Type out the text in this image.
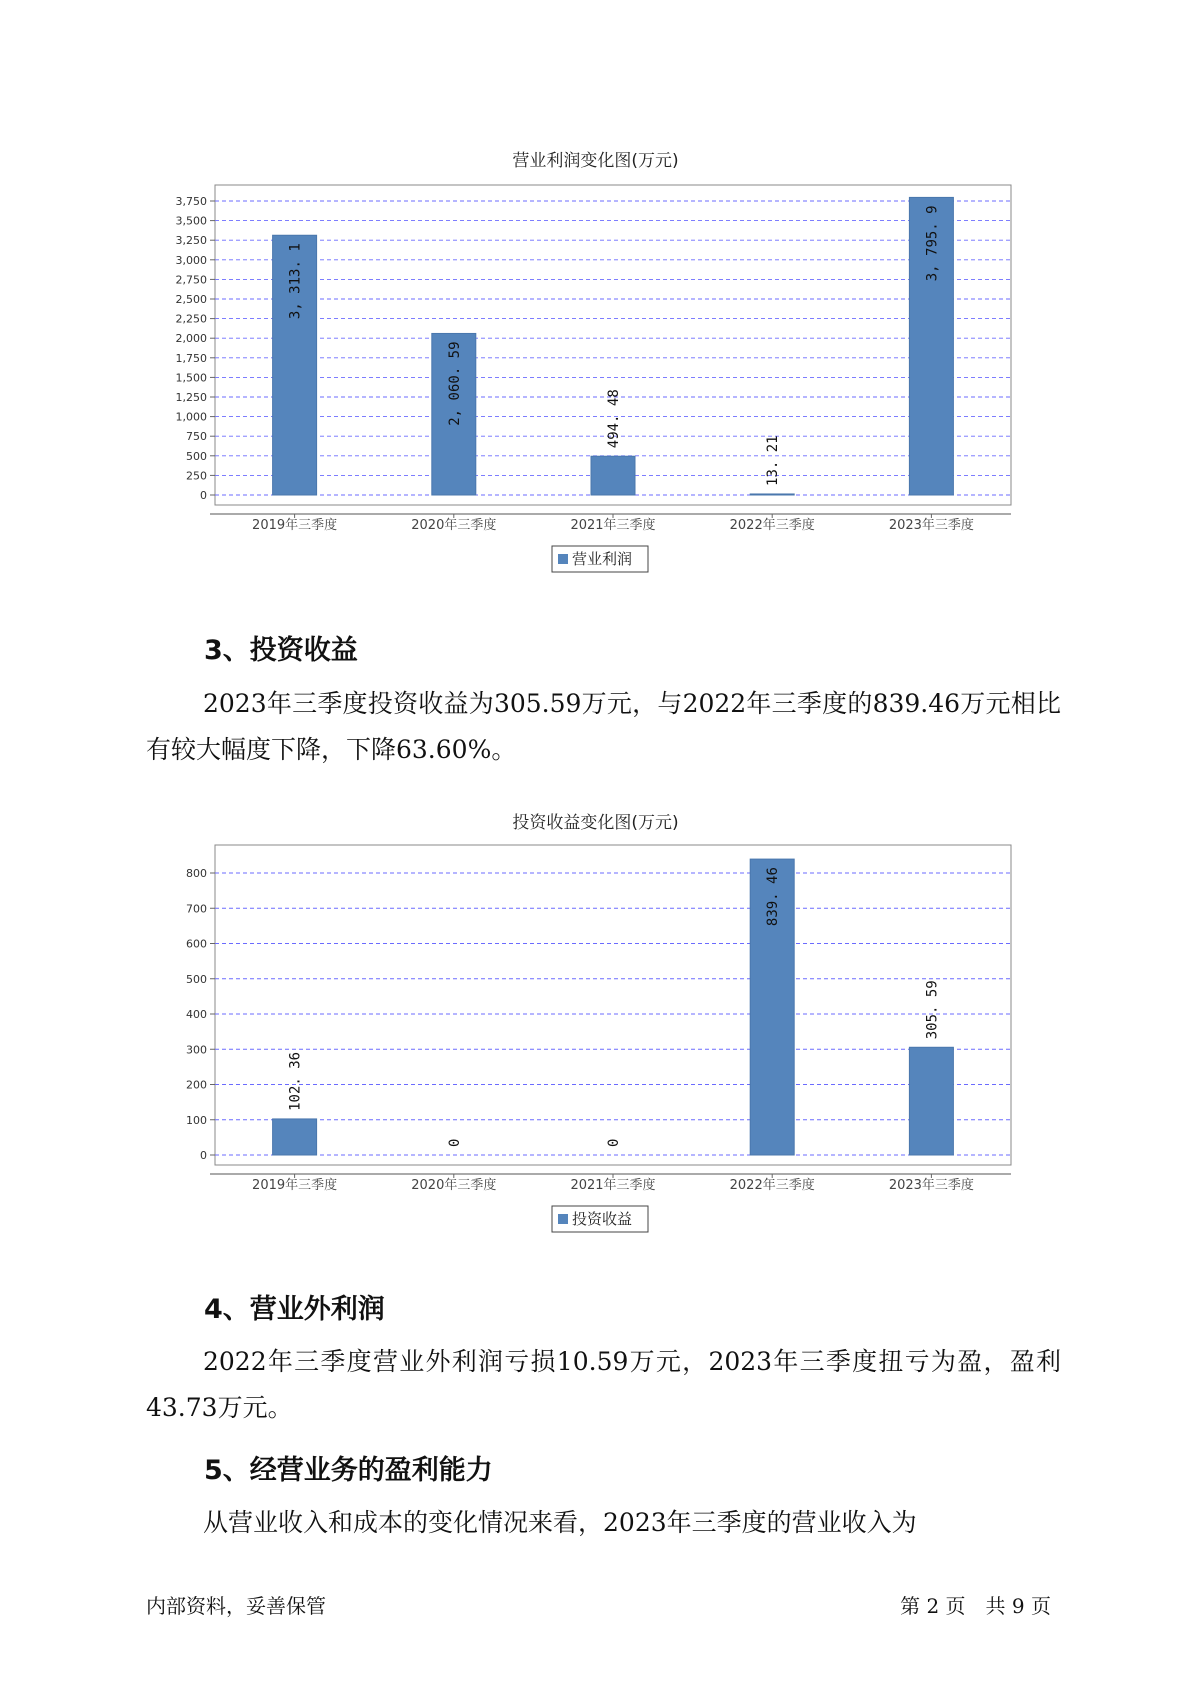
营业利润变化图(万元)
0
250
500
750
1,000
1,250
1,500
1,750
2,000
2,250
2,500
2,750
3,000
3,250
3,500
3,750
2019年三季度
3, 313. 1
2020年三季度
2, 060. 59
2021年三季度
494. 48
2022年三季度
13. 21
2023年三季度
3, 795. 9
营业利润
3、投资收益

2023年三季度投资收益为305.59万元，与2022年三季度的839.46万元相比有较大幅度下降，下降63.60%。

投资收益变化图(万元)
0
100
200
300
400
500
600
700
800
2019年三季度
102. 36
2020年三季度
0
2021年三季度
0
2022年三季度
839. 46
2023年三季度
305. 59
投资收益
4、营业外利润

2022年三季度营业外利润亏损10.59万元，2023年三季度扭亏为盈，盈利43.73万元。

5、经营业务的盈利能力

从营业收入和成本的变化情况来看，2023年三季度的营业收入为

内部资料，妥善保管	第 2 页　共 9 页
